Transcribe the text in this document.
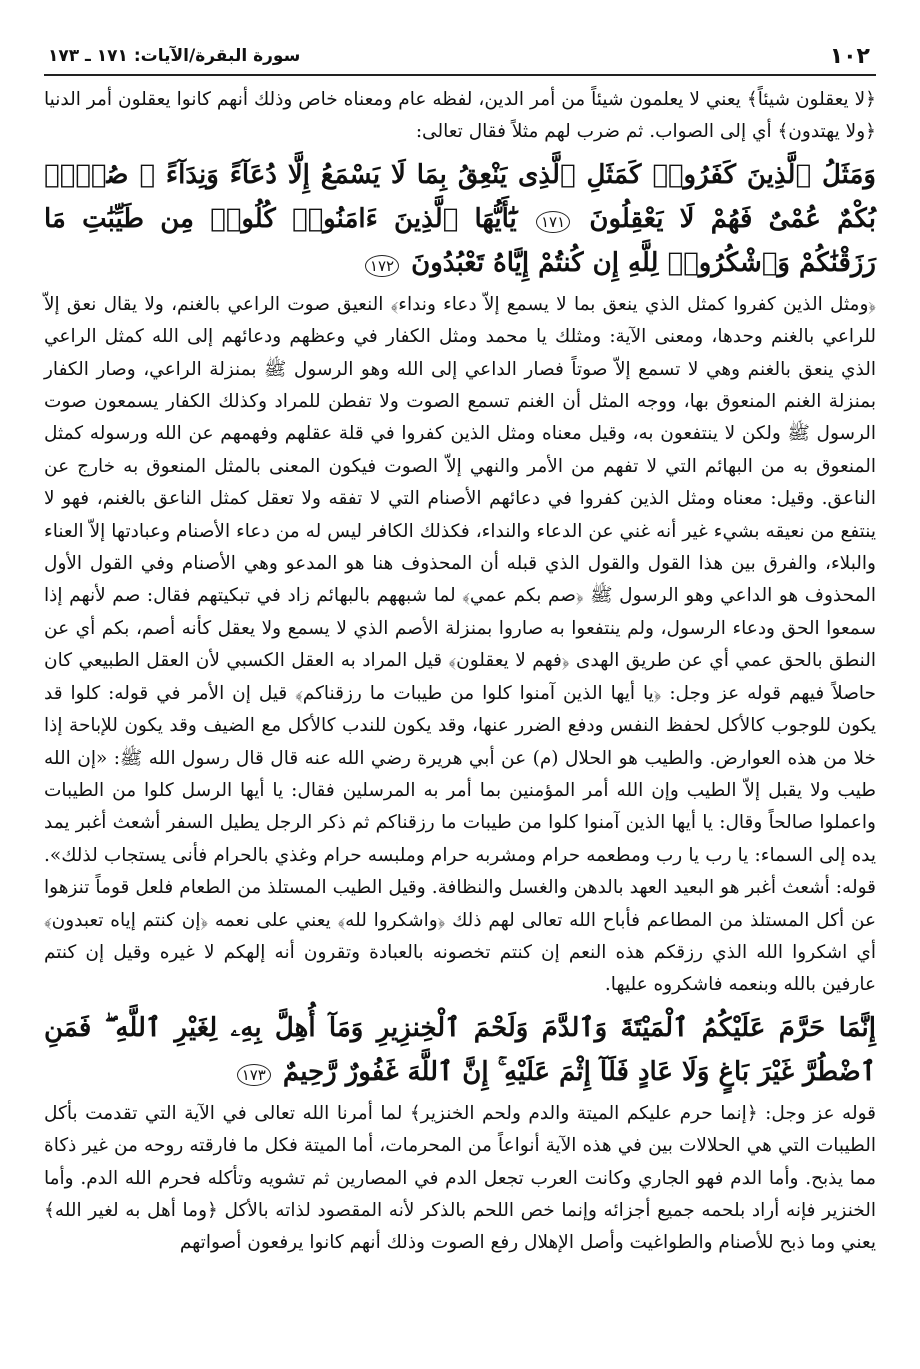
١٠٢
سورة البقرة/الآيات: ١٧١ ـ ١٧٣

﴿لا يعقلون شيئاً﴾ يعني لا يعلمون شيئاً من أمر الدين، لفظه عام ومعناه خاص وذلك أنهم كانوا يعقلون أمر الدنيا ﴿ولا يهتدون﴾ أي إلى الصواب. ثم ضرب لهم مثلاً فقال تعالى:

وَمَثَلُ ٱلَّذِينَ كَفَرُوا۟ كَمَثَلِ ٱلَّذِى يَنْعِقُ بِمَا لَا يَسْمَعُ إِلَّا دُعَآءً وَنِدَآءً ۚ صُمٌّۢ بُكْمٌ عُمْىٌ فَهُمْ لَا يَعْقِلُونَ ١٧١ يَٰٓأَيُّهَا ٱلَّذِينَ ءَامَنُوا۟ كُلُوا۟ مِن طَيِّبَٰتِ مَا رَزَقْنَٰكُمْ وَٱشْكُرُوا۟ لِلَّهِ إِن كُنتُمْ إِيَّاهُ تَعْبُدُونَ ١٧٢

﴿ومثل الذين كفروا كمثل الذي ينعق بما لا يسمع إلاّ دعاء ونداء﴾ النعيق صوت الراعي بالغنم، ولا يقال نعق إلاّ للراعي بالغنم وحدها، ومعنى الآية: ومثلك يا محمد ومثل الكفار في وعظهم ودعائهم إلى الله كمثل الراعي الذي ينعق بالغنم وهي لا تسمع إلاّ صوتاً فصار الداعي إلى الله وهو الرسول ﷺ بمنزلة الراعي، وصار الكفار بمنزلة الغنم المنعوق بها، ووجه المثل أن الغنم تسمع الصوت ولا تفطن للمراد وكذلك الكفار يسمعون صوت الرسول ﷺ ولكن لا ينتفعون به، وقيل معناه ومثل الذين كفروا في قلة عقلهم وفهمهم عن الله ورسوله كمثل المنعوق به من البهائم التي لا تفهم من الأمر والنهي إلاّ الصوت فيكون المعنى بالمثل المنعوق به خارج عن الناعق. وقيل: معناه ومثل الذين كفروا في دعائهم الأصنام التي لا تفقه ولا تعقل كمثل الناعق بالغنم، فهو لا ينتفع من نعيقه بشيء غير أنه غني عن الدعاء والنداء، فكذلك الكافر ليس له من دعاء الأصنام وعبادتها إلاّ العناء والبلاء، والفرق بين هذا القول والقول الذي قبله أن المحذوف هنا هو المدعو وهي الأصنام وفي القول الأول المحذوف هو الداعي وهو الرسول ﷺ ﴿صم بكم عمي﴾ لما شبههم بالبهائم زاد في تبكيتهم فقال: صم لأنهم إذا سمعوا الحق ودعاء الرسول، ولم ينتفعوا به صاروا بمنزلة الأصم الذي لا يسمع ولا يعقل كأنه أصم، بكم أي عن النطق بالحق عمي أي عن طريق الهدى ﴿فهم لا يعقلون﴾ قيل المراد به العقل الكسبي لأن العقل الطبيعي كان حاصلاً فيهم قوله عز وجل: ﴿يا أيها الذين آمنوا كلوا من طيبات ما رزقناكم﴾ قيل إن الأمر في قوله: كلوا قد يكون للوجوب كالأكل لحفظ النفس ودفع الضرر عنها، وقد يكون للندب كالأكل مع الضيف وقد يكون للإباحة إذا خلا من هذه العوارض. والطيب هو الحلال (م) عن أبي هريرة رضي الله عنه قال قال رسول الله ﷺ: «إن الله طيب ولا يقبل إلاّ الطيب وإن الله أمر المؤمنين بما أمر به المرسلين فقال: يا أيها الرسل كلوا من الطيبات واعملوا صالحاً وقال: يا أيها الذين آمنوا كلوا من طيبات ما رزقناكم ثم ذكر الرجل يطيل السفر أشعث أغبر يمد يده إلى السماء: يا رب يا رب ومطعمه حرام ومشربه حرام وملبسه حرام وغذي بالحرام فأنى يستجاب لذلك». قوله: أشعث أغبر هو البعيد العهد بالدهن والغسل والنظافة. وقيل الطيب المستلذ من الطعام فلعل قوماً تنزهوا عن أكل المستلذ من المطاعم فأباح الله تعالى لهم ذلك ﴿واشكروا لله﴾ يعني على نعمه ﴿إن كنتم إياه تعبدون﴾ أي اشكروا الله الذي رزقكم هذه النعم إن كنتم تخصونه بالعبادة وتقرون أنه إلهكم لا غيره وقيل إن كنتم عارفين بالله وبنعمه فاشكروه عليها.

إِنَّمَا حَرَّمَ عَلَيْكُمُ ٱلْمَيْتَةَ وَٱلدَّمَ وَلَحْمَ ٱلْخِنزِيرِ وَمَآ أُهِلَّ بِهِۦ لِغَيْرِ ٱللَّهِ ۖ فَمَنِ ٱضْطُرَّ غَيْرَ بَاغٍ وَلَا عَادٍ فَلَآ إِثْمَ عَلَيْهِ ۚ إِنَّ ٱللَّهَ غَفُورٌ رَّحِيمٌ ١٧٣

قوله عز وجل: ﴿إنما حرم عليكم الميتة والدم ولحم الخنزير﴾ لما أمرنا الله تعالى في الآية التي تقدمت بأكل الطيبات التي هي الحلالات بين في هذه الآية أنواعاً من المحرمات، أما الميتة فكل ما فارقته روحه من غير ذكاة مما يذبح. وأما الدم فهو الجاري وكانت العرب تجعل الدم في المصارين ثم تشويه وتأكله فحرم الله الدم. وأما الخنزير فإنه أراد بلحمه جميع أجزائه وإنما خص اللحم بالذكر لأنه المقصود لذاته بالأكل ﴿وما أهل به لغير الله﴾ يعني وما ذبح للأصنام والطواغيت وأصل الإهلال رفع الصوت وذلك أنهم كانوا يرفعون أصواتهم
